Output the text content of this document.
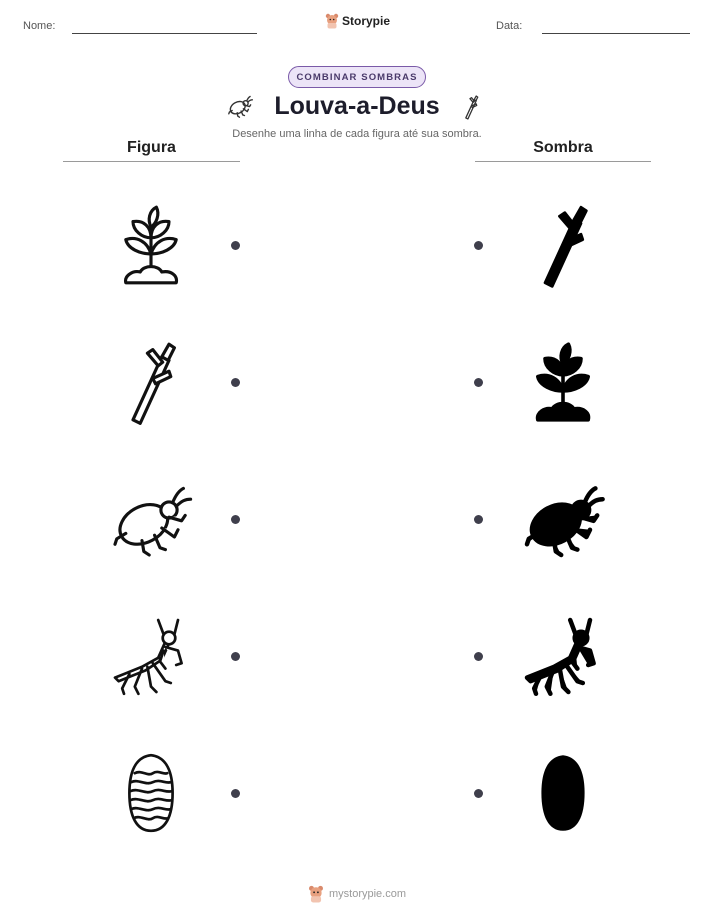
Nome:	Storypie	Data:
COMBINAR SOMBRAS
Louva-a-Deus
Desenhe uma linha de cada figura até sua sombra.
Figura	Sombra
mystorypie.com
